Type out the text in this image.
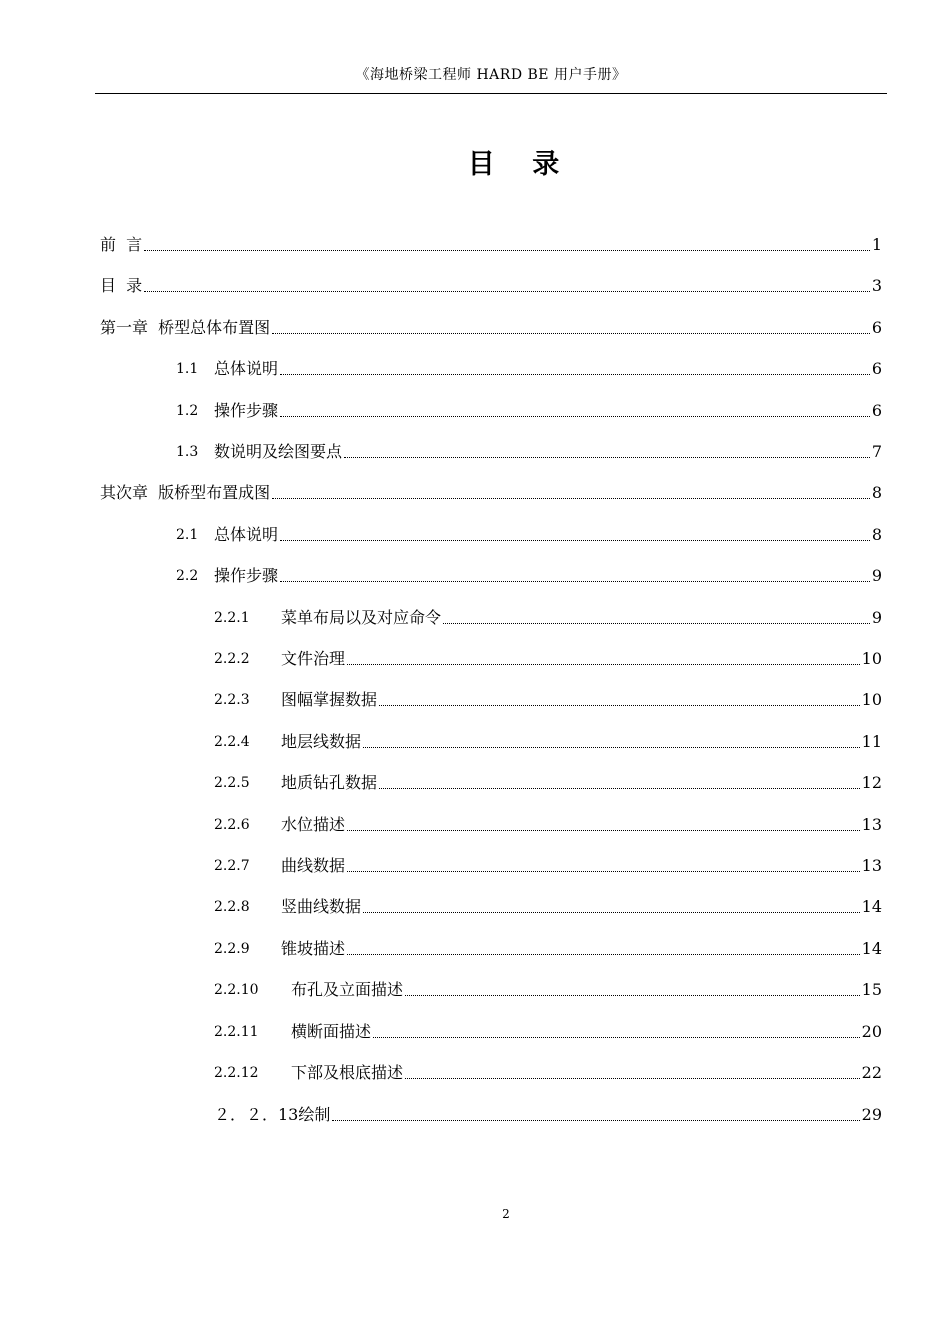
《海地桥梁工程师 HARD BE 用户手册》
目 录
前  言	1
目  录	3
第一章  桥型总体布置图	6
1.1 总体说明	6
1.2 操作步骤	6
1.3 数说明及绘图要点	7
其次章  版桥型布置成图	8
2.1 总体说明	8
2.2 操作步骤	9
2.2.1	菜单布局以及对应命令	9
2.2.2	文件治理	10
2.2.3	图幅掌握数据	10
2.2.4	地层线数据	11
2.2.5	地质钻孔数据	12
2.2.6	水位描述	13
2.2.7	曲线数据	13
2.2.8	竖曲线数据	14
2.2.9	锥坡描述	14
2.2.10	布孔及立面描述	15
2.2.11	横断面描述	20
2.2.12	下部及根底描述	22
２．２．13 绘制	29
2
